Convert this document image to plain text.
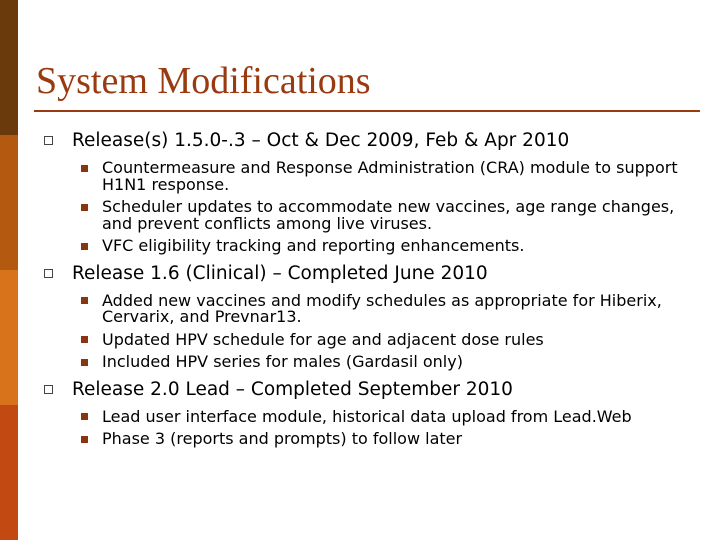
System Modifications
Release(s) 1.5.0-.3 – Oct & Dec 2009, Feb & Apr 2010
Countermeasure and Response Administration (CRA) module to support H1N1 response.
Scheduler updates to accommodate new vaccines, age range changes, and prevent conflicts among live viruses.
VFC eligibility tracking and reporting enhancements.
Release 1.6 (Clinical) – Completed June 2010
Added new vaccines and modify schedules as appropriate for Hiberix, Cervarix, and Prevnar13.
Updated HPV schedule for age and adjacent dose rules
Included HPV series for males (Gardasil only)
Release 2.0 Lead – Completed September 2010
Lead user interface module, historical data upload from Lead.Web
Phase 3 (reports and prompts) to follow later
